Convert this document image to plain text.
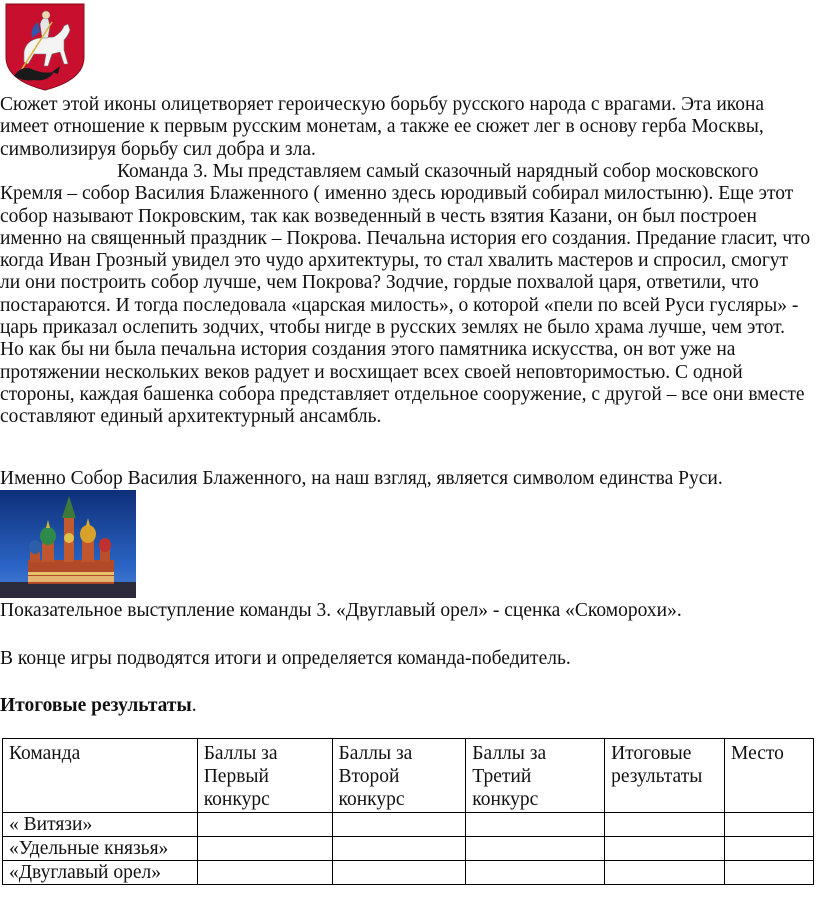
Сюжет этой иконы олицетворяет героическую борьбу русского народа с врагами. Эта икона имеет отношение к первым русским монетам, а также ее сюжет лег в основу герба Москвы, символизируя борьбу сил добра и зла.

Команда 3. Мы представляем самый сказочный нарядный собор московского Кремля – собор Василия Блаженного ( именно здесь юродивый собирал милостыню). Еще этот собор называют Покровским, так как возведенный в честь взятия Казани, он был построен именно на священный праздник – Покрова. Печальна история его создания. Предание гласит, что когда Иван Грозный увидел это чудо архитектуры, то стал хвалить мастеров и спросил, смогут ли они построить собор лучше, чем Покрова? Зодчие, гордые похвалой царя, ответили, что постараются. И тогда последовала «царская милость», о которой «пели по всей Руси гусляры» - царь приказал ослепить зодчих, чтобы нигде в русских землях не было храма лучше, чем этот. Но как бы ни была печальна история создания этого памятника искусства, он вот уже на протяжении нескольких веков радует и восхищает всех своей неповторимостью. С одной стороны, каждая башенка собора представляет отдельное сооружение, с другой – все они вместе составляют единый архитектурный ансамбль.

Именно Собор Василия Блаженного, на наш взгляд, является символом единства Руси.

Показательное выступление команды 3. «Двуглавый орел» - сценка «Скоморохи».

В конце игры подводятся итоги и определяется команда-победитель.

Итоговые результаты.

Команда	Баллы за Первый конкурс	Баллы за Второй конкурс	Баллы за Третий конкурс	Итоговые результаты	Место
« Витязи»					
«Удельные князья»					
«Двуглавый орел»					
